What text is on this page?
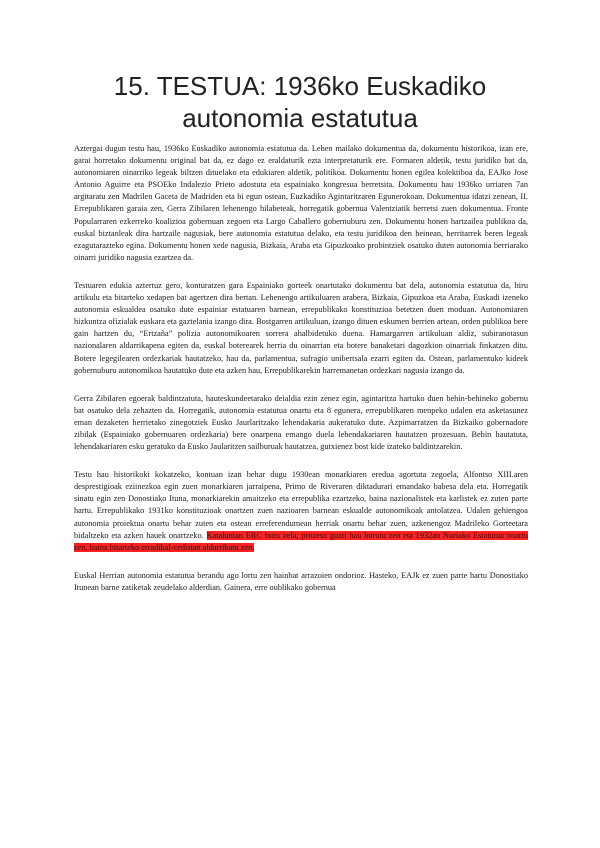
15. TESTUA: 1936ko Euskadiko autonomia estatutua

Aztergai dugun testu hau, 1936ko Euskadiko autonomia estatutua da. Lehen mailako dokumentua da, dokumentu historikoa, izan ere, garai horretako dokumentu original bat da, ez dago ez eraldaturik ezta interpretaturik ere. Formaren aldetik, testu juridiko bat da, autonomiaren oinarriko legeak biltzen dituelako eta edukiaren aldetik, politikoa. Dokumentu honen egilea kolektiboa da, EAJko Jose Antonio Aguirre eta PSOEko Indalezio Prieto adostuta eta espainiako kongresua berretsita. Dokumentu hau 1936ko urriaren 7an argitaratu zen Madrilen Gaceta de Madriden eta bi egun ostean, Euzkadiko Agintaritzaren Egunerokoan. Dokumentua idatzi zenean, II. Errepublikaren garaia zen, Gerra Zibilaren lehenengo hilabeteak, horregatik gobernua Valentziatik berretsi zuen dokumentua. Fronte Popularraren ezkerreko koalizioa gobernuan zegoen eta Largo Caballero gobernuburu zen. Dokumentu honen hartzailea publikoa da, euskal biztanleak dira hartzaile nagusiak, bere autonomia estatutua delako, eta testu juridikoa den heinean, herritarrek beren legeak ezagutarazteko egina. Dokumentu honen xede nagusia, Bizkaia, Araba eta Gipuzkoako probintziek osatuko duten autonomia berriarako oinarri juridiko nagusia ezartzea da.

Testuaren edukia aztertuz gero, konturatzen gara Espainiako gorteek onartutako dokumentu bat dela, autonomia estatutua da, hiru artikulu eta bitarteko xedapen bat agertzen dira bertan. Lehenengo artikuluaren arabera, Bizkaia, Gipuzkoa eta Araba, Euskadi izeneko autonomia eskualdea osatuko dute espainiar estatuaren barnean, errepublikako konstituzioa betetzen duen moduan. Autonomiaren hizkuntza ofizialak euskara eta gaztelania izango dira. Bostgarren artikuluan, izango dituen eskumen berrien artean, orden publikoa bere gain hartzen du, “Ertzaña” polizia autonomikoaren sorrera ahalbidetuko duena. Hamargarren artikuluan aldiz, subiranotasun nazionalaren aldarrikapena egiten da, euskal boterearek herria du oinarrian eta botere banaketari dagozkion oinarriak finkatzen ditu. Botere legegilearen ordezkariak hautatzeko, hau da, parlamentua, sufragio unibertsala ezarri egiten da. Ostean, parlamentuko kideek gobernuburu autonomikoa hautatuko dute eta azken hau, Errepublikarekin harremanetan ordezkari nagusia izango da.

Gerra Zibilaren egoerak baldintzatuta, hauteskundeetarako deialdia ezin zenez egin, agintaritza hartuko duen behin-behineko gobernu bat osatuko dela zehazten da. Horregatik, autonomia estatutua onartu eta 8 egunera, errepublikaren menpeko udalen eta asketasunez eman dezaketen herrietako zinegotziek Eusko Jaurlaritzako lehendakaria aukeratuko dute. Azpimarratzen da Bizkaiko gobernadore zibilak (Espainiako gobernuaren ordezkaria) bere onarpena emango duela lehendakariaren hautatzen prozesuan. Behin hautatuta, lehendakariaren esku geratuko da Eusko Jaularitzen sailburuak hautatzea, gutxienez bost kide izateko baldintzarekin.

Testu hau historikoki kokatzeko, kontuan izan behar dugu 1930ean monarkiaren eredua agortuta zegoela, Alfontso XIII.aren desprestigioak eziinezkoa egin zuen monarkiaren jarraipena, Primo de Riveraren diktadurari emandako babesa dela eta. Horregatik sinatu egin zen Donostiako Ituna, monarkiarekin amaitzeko eta errepublika ezartzeko, baina nazionalistek eta karlistek ez zuten parte hartu. Errepublikako 1931ko konstituzioak onartzen zuen nazioaren barnean eskualde autonomikoak antolatzea. Udalen gehiengoa autonomia proiektua onartu behar zuten eta ostean erreferendumean herriak onartu behar zuen, azkenengoz Madrileko Gorteetara bidaltzeko eta azken hauek onartzeko. Katalunian ERC buru zela, prozesu guzti hau burutu zen eta 1932an Nuriako Estatutua onartu zen, baina bitarteko erradikal-cedistan aldarribatu zen.

Euskal Herrian autonomia estatutua berandu ago lortu zen hainbat arrazoien ondorioz. Hasteko, EAJk ez zuen parte hartu Donostiako Itunean barne zatiketak zeudelako alderdian. Gainera, erre oublikako gobernua
